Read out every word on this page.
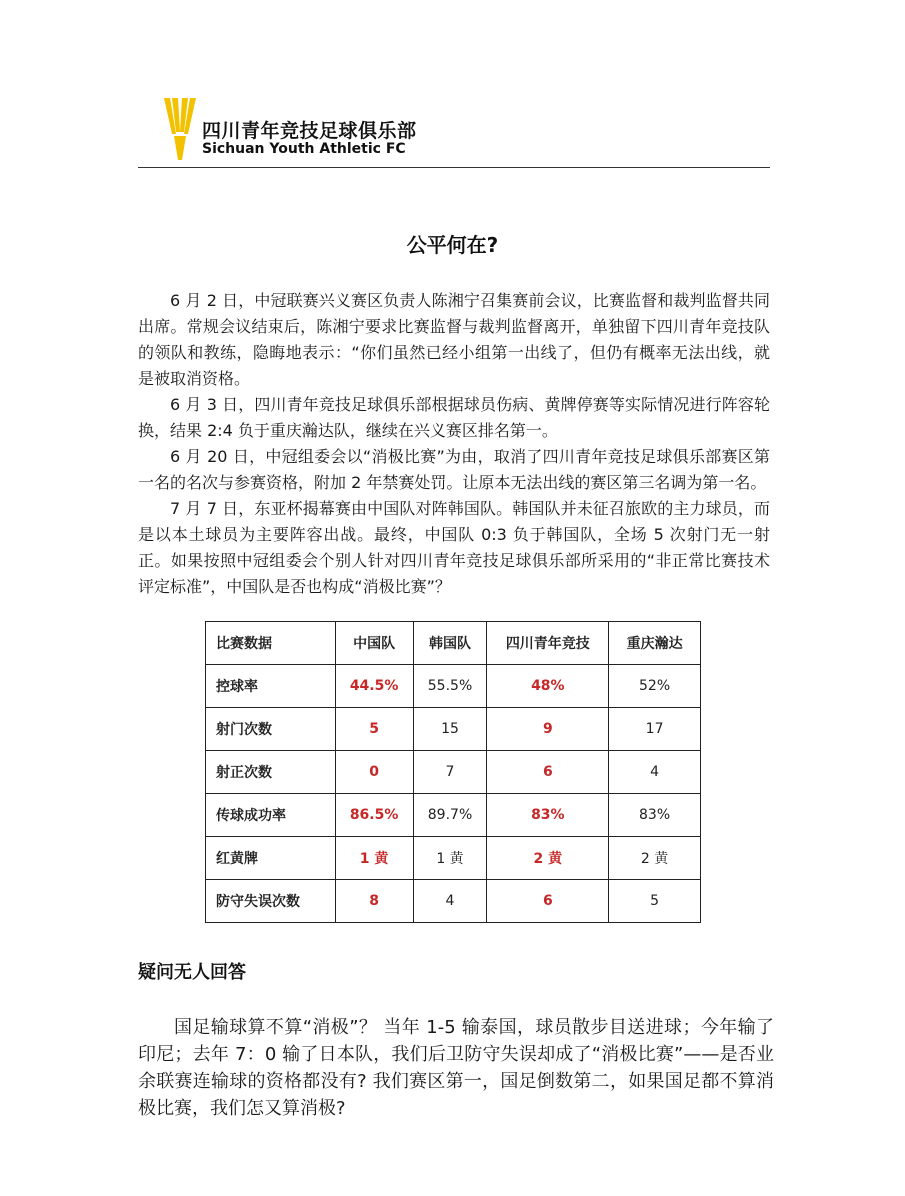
四川青年竞技足球俱乐部
Sichuan Youth Athletic FC
公平何在?

6 月 2 日，中冠联赛兴义赛区负责人陈湘宁召集赛前会议，比赛监督和裁判监督共同出席。常规会议结束后，陈湘宁要求比赛监督与裁判监督离开，单独留下四川青年竞技队的领队和教练，隐晦地表示：“你们虽然已经小组第一出线了，但仍有概率无法出线，就是被取消资格。

6 月 3 日，四川青年竞技足球俱乐部根据球员伤病、黄牌停赛等实际情况进行阵容轮换，结果 2:4 负于重庆瀚达队，继续在兴义赛区排名第一。

6 月 20 日，中冠组委会以“消极比赛”为由，取消了四川青年竞技足球俱乐部赛区第一名的名次与参赛资格，附加 2 年禁赛处罚。让原本无法出线的赛区第三名调为第一名。

7 月 7 日，东亚杯揭幕赛由中国队对阵韩国队。韩国队并未征召旅欧的主力球员，而是以本土球员为主要阵容出战。最终，中国队 0:3 负于韩国队，全场 5 次射门无一射正。如果按照中冠组委会个别人针对四川青年竞技足球俱乐部所采用的“非正常比赛技术评定标准”，中国队是否也构成“消极比赛”？

比赛数据	中国队	韩国队	四川青年竞技	重庆瀚达
控球率	44.5%	55.5%	48%	52%
射门次数	5	15	9	17
射正次数	0	7	6	4
传球成功率	86.5%	89.7%	83%	83%
红黄牌	1 黄	1 黄	2 黄	2 黄
防守失误次数	8	4	6	5
疑问无人回答

国足输球算不算“消极”？ 当年 1-5 输泰国，球员散步目送进球；今年输了印尼；去年 7：0 输了日本队，我们后卫防守失误却成了“消极比赛”——是否业余联赛连输球的资格都没有? 我们赛区第一，国足倒数第二，如果国足都不算消极比赛，我们怎又算消极?
